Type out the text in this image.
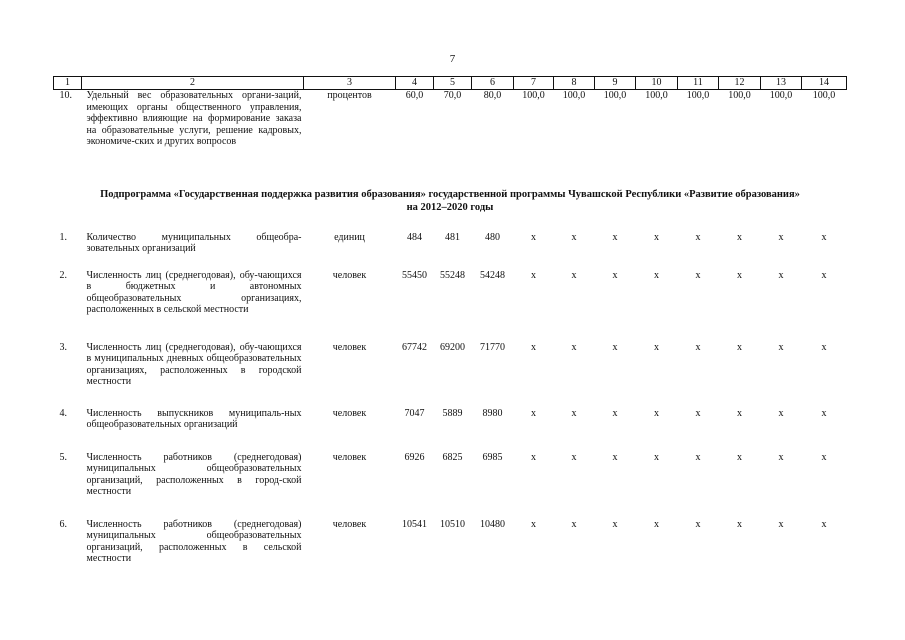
7
1	2	3	4	5	6	7	8	9	10	11	12	13	14
10.	Удельный вес образовательных органи-заций, имеющих органы общественного управления, эффективно влияющие на формирование заказа на образовательные услуги, решение кадровых, экономиче-ских и других вопросов	процентов	60,0	70,0	80,0	100,0	100,0	100,0	100,0	100,0	100,0	100,0	100,0

Подпрограмма «Государственная поддержка развития образования» государственной программы Чувашской Республики «Развитие образования» на 2012–2020 годы													

1.	Количество муниципальных общеобра-зовательных организаций	единиц	484	481	480	x	x	x	x	x	x	x	x
2.	Численность лиц (среднегодовая), обу-чающихся в бюджетных и автономных общеобразовательных организациях, расположенных в сельской местности	человек	55450	55248	54248	x	x	x	x	x	x	x	x
3.	Численность лиц (среднегодовая), обу-чающихся в муниципальных дневных общеобразовательных организациях, расположенных в городской местности	человек	67742	69200	71770	x	x	x	x	x	x	x	x
4.	Численность выпускников муниципаль-ных общеобразовательных организаций	человек	7047	5889	8980	x	x	x	x	x	x	x	x
5.	Численность работников (среднегодовая) муниципальных общеобразовательных организаций, расположенных в город-ской местности	человек	6926	6825	6985	x	x	x	x	x	x	x	x
6.	Численность работников (среднегодовая) муниципальных общеобразовательных организаций, расположенных в сельской местности	человек	10541	10510	10480	x	x	x	x	x	x	x	x
